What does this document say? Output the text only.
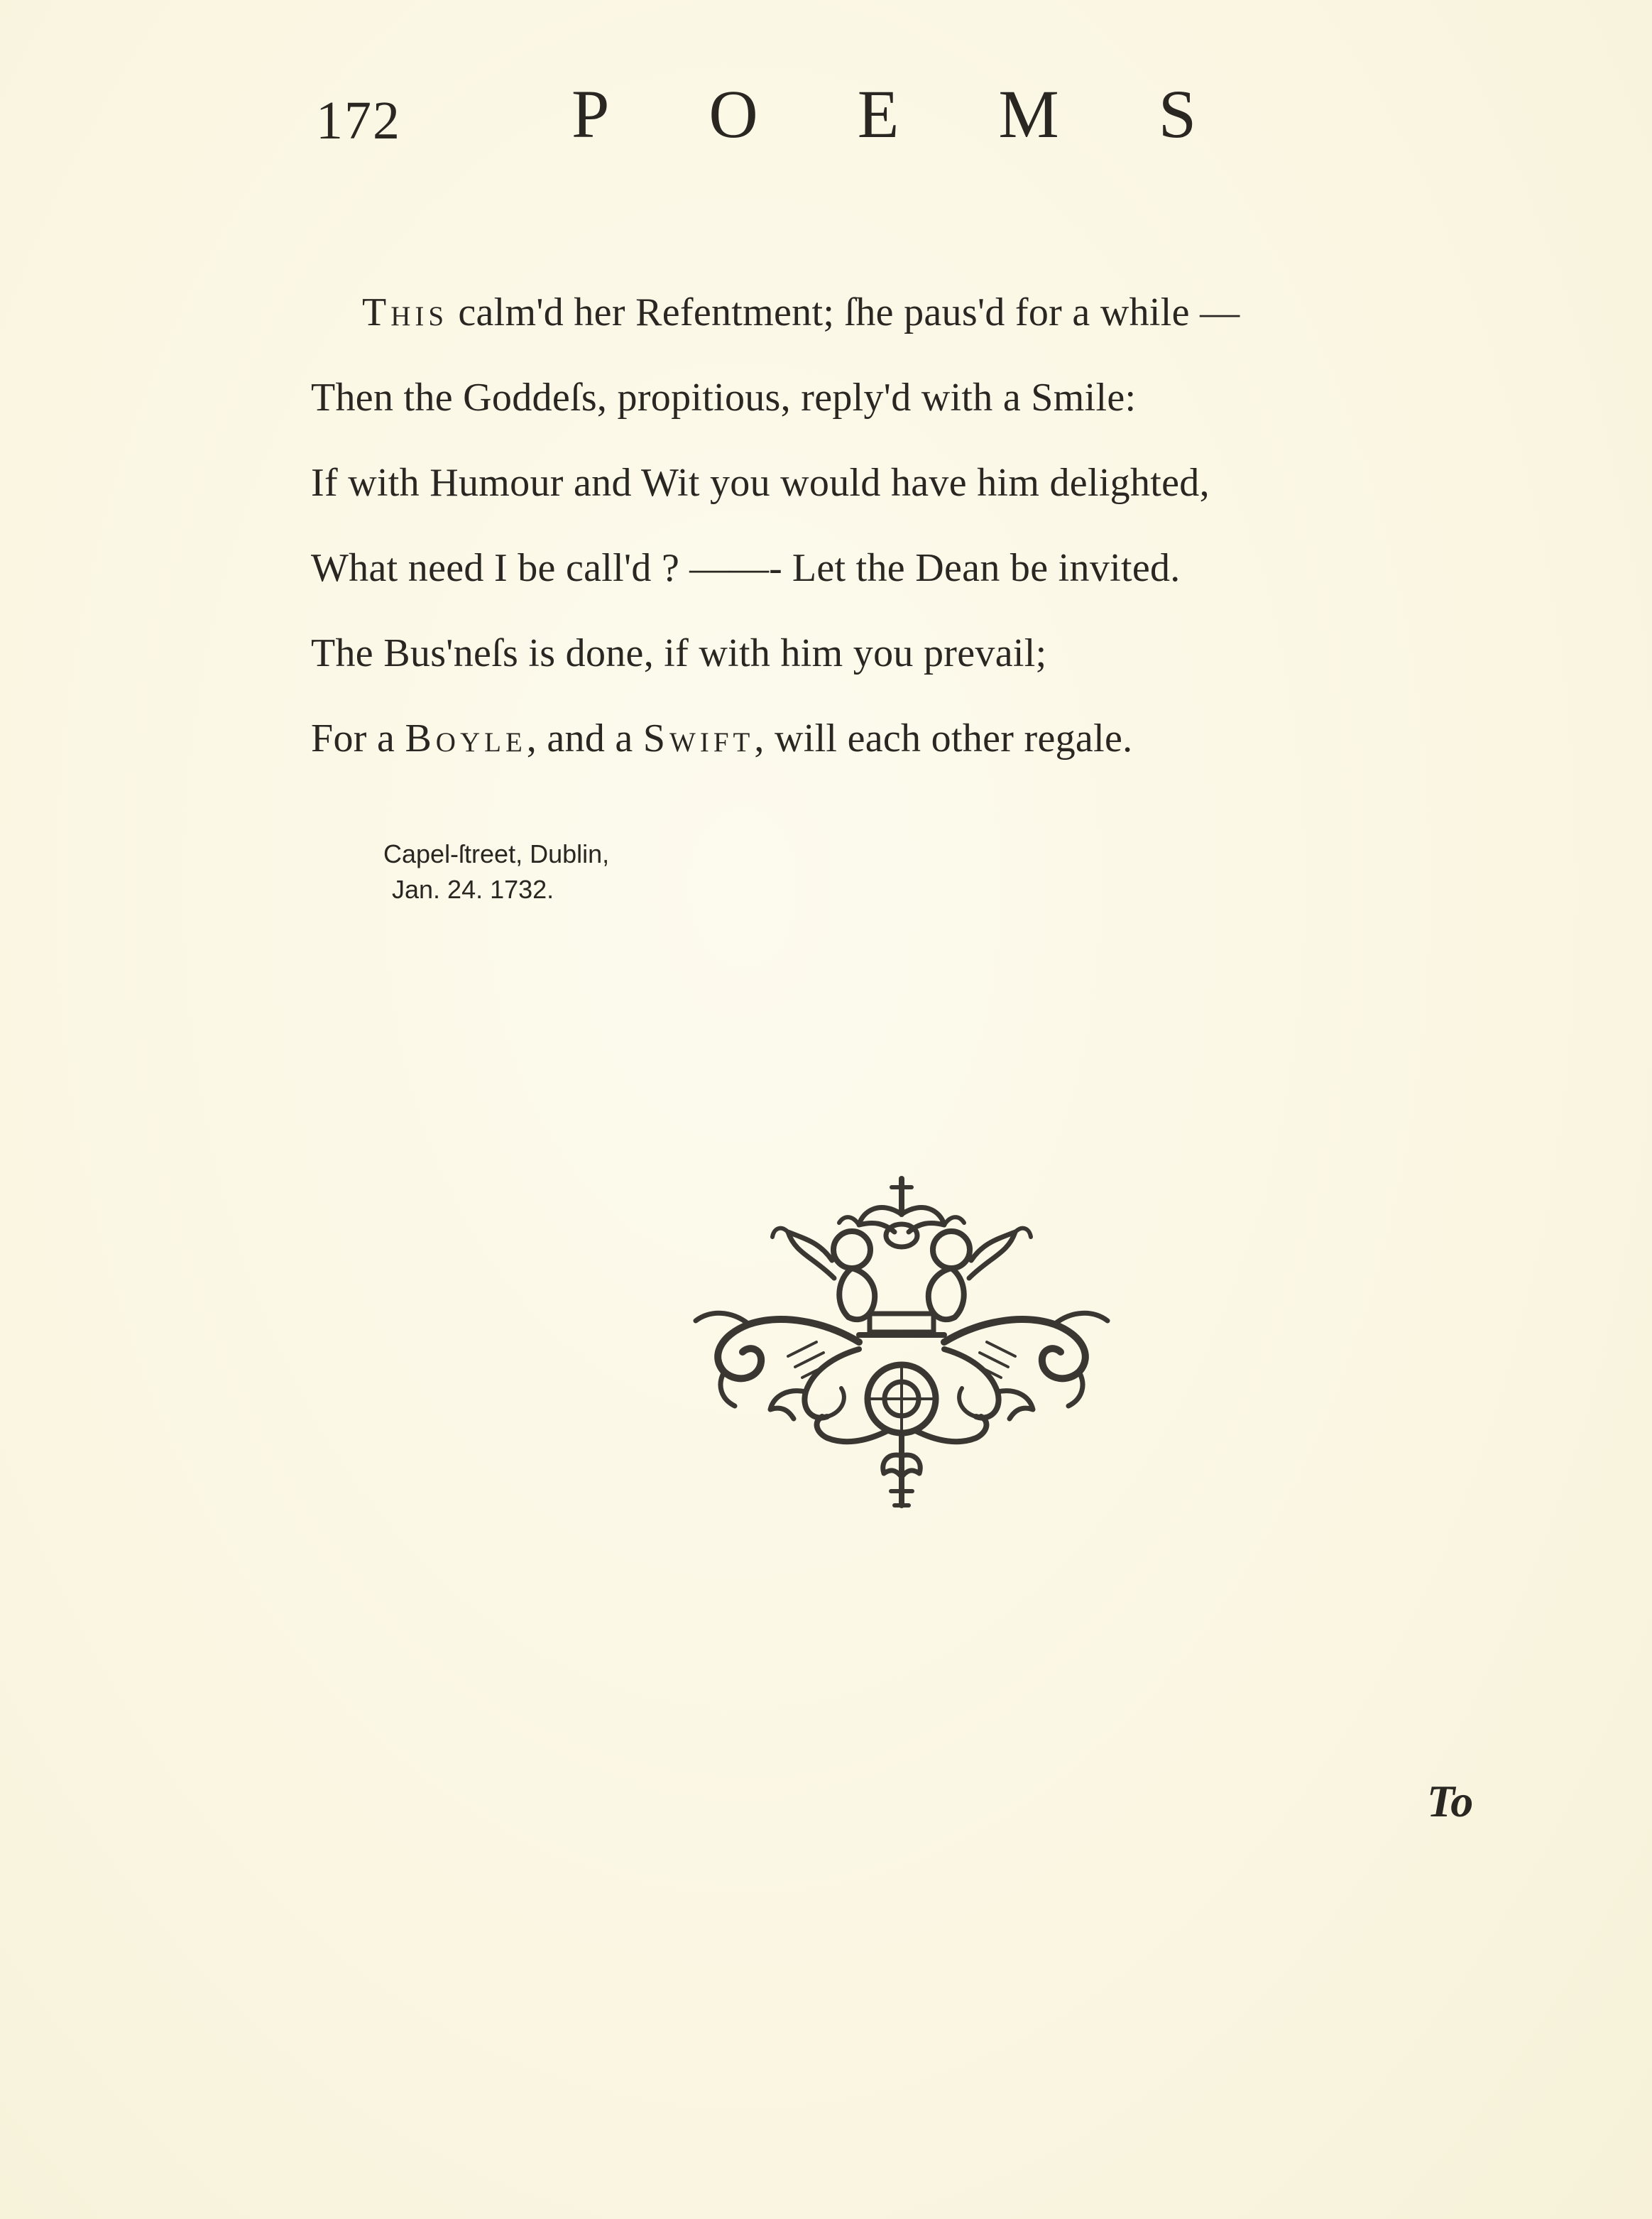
172	POEMS
This calm'd her Refentment; ſhe paus'd for a while —
Then the Goddeſs, propitious, reply'd with a Smile:
If with Humour and Wit you would have him delighted,
What need I be call'd ? ——- Let the Dean be invited.
The Bus'neſs is done, if with him you prevail;
For a Boyle, and a Swift, will each other regale.
Capel-ſtreet, Dublin,
Jan. 24. 1732.
To
